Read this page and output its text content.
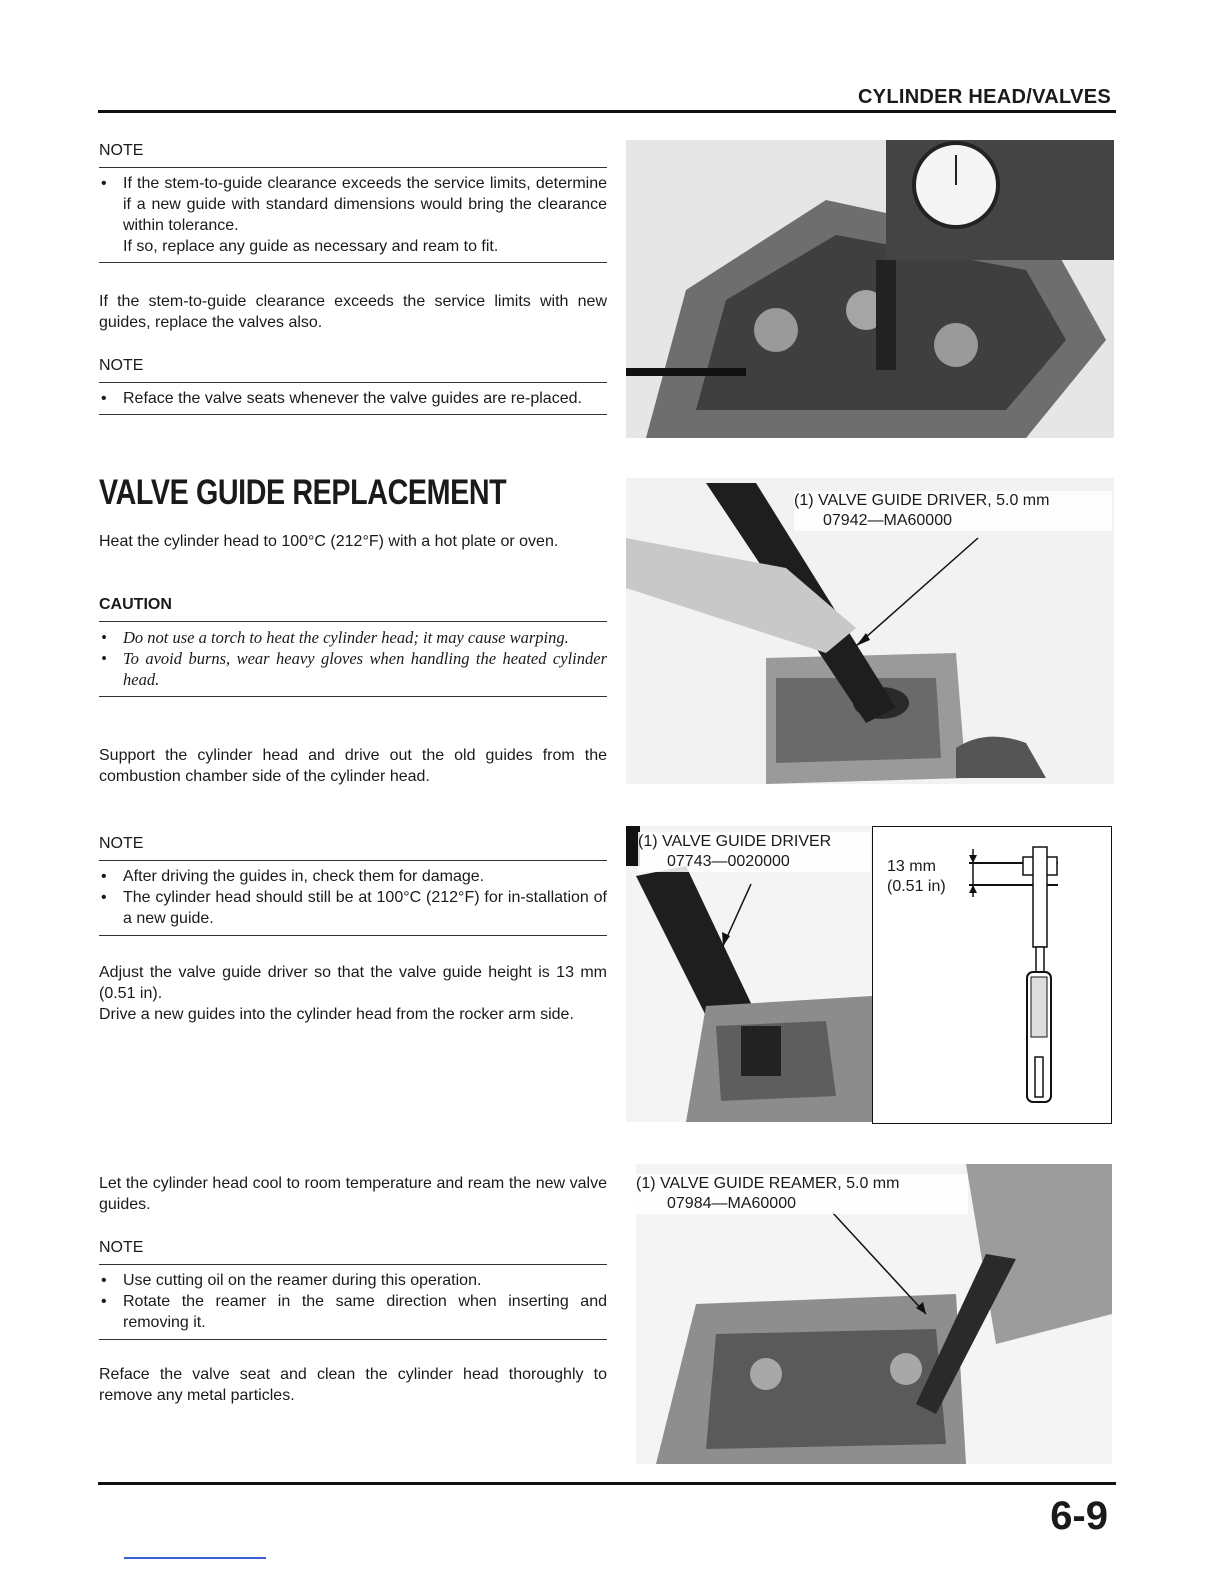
CYLINDER HEAD/VALVES
NOTE
• If the stem-to-guide clearance exceeds the service limits, determine if a new guide with standard dimensions would bring the clearance within tolerance.
If so, replace any guide as necessary and ream to fit.

If the stem-to-guide clearance exceeds the service limits with new guides, replace the valves also.

NOTE
• Reface the valve seats whenever the valve guides are re-placed.
VALVE GUIDE REPLACEMENT

Heat the cylinder head to 100°C (212°F) with a hot plate or oven.

CAUTION
• Do not use a torch to heat the cylinder head; it may cause warping.
• To avoid burns, wear heavy gloves when handling the heated cylinder head.

Support the cylinder head and drive out the old guides from the combustion chamber side of the cylinder head.

NOTE
• After driving the guides in, check them for damage.
• The cylinder head should still be at 100°C (212°F) for in-stallation of a new guide.

Adjust the valve guide driver so that the valve guide height is 13 mm (0.51 in).

Drive a new guides into the cylinder head from the rocker arm side.

Let the cylinder head cool to room temperature and ream the new valve guides.

NOTE
• Use cutting oil on the reamer during this operation.
• Rotate the reamer in the same direction when inserting and removing it.

Reface the valve seat and clean the cylinder head thoroughly to remove any metal particles.

(1) VALVE GUIDE DRIVER, 5.0 mm
07942—MA60000
(1) VALVE GUIDE DRIVER
07743—0020000	13 mm
(0.51 in)
(1) VALVE GUIDE REAMER, 5.0 mm
07984—MA60000
6-9
